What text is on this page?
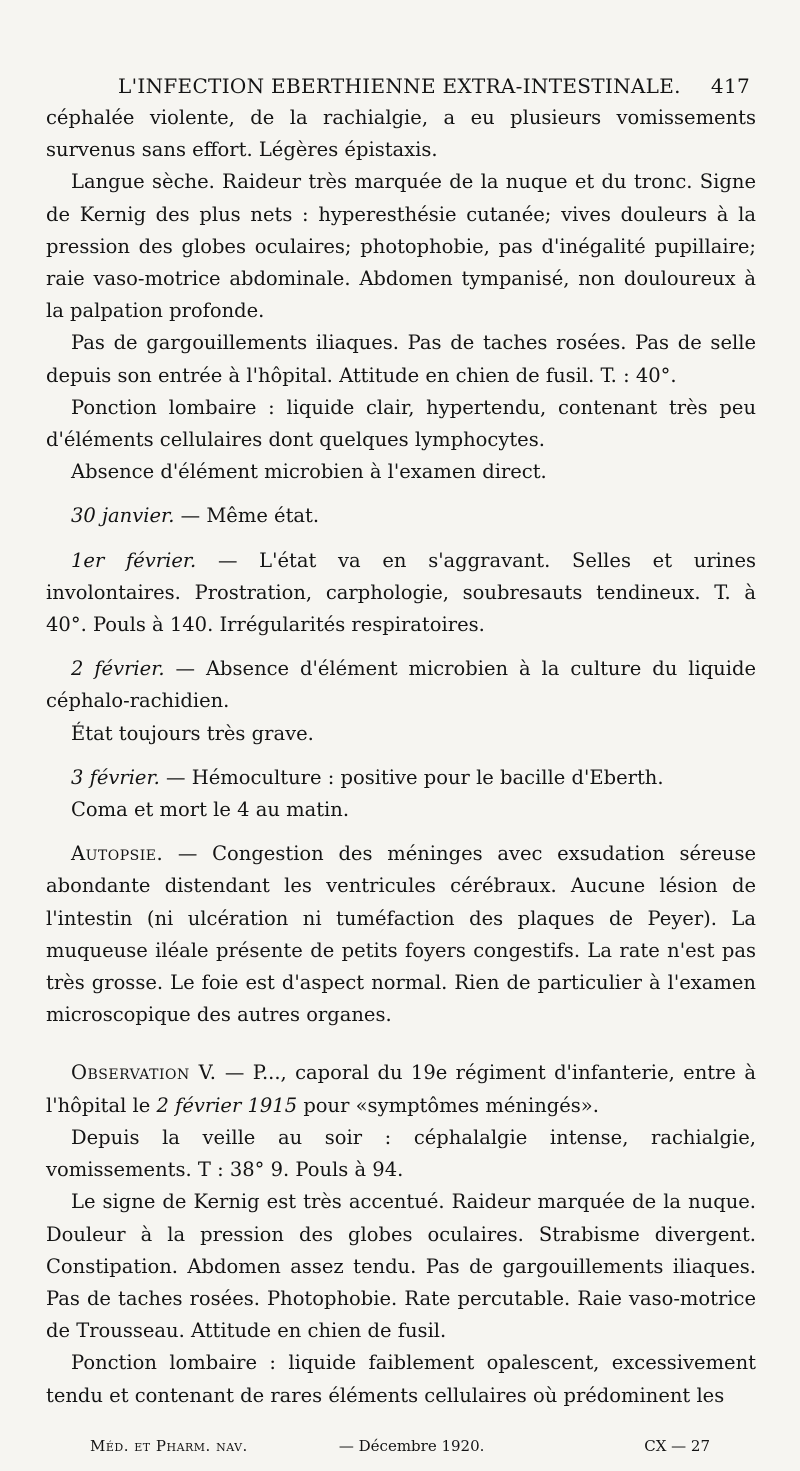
L'INFECTION EBERTHIENNE EXTRA-INTESTINALE. 417

céphalée violente, de la rachialgie, a eu plusieurs vomissements survenus sans effort. Légères épistaxis.

Langue sèche. Raideur très marquée de la nuque et du tronc. Signe de Kernig des plus nets : hyperesthésie cutanée; vives douleurs à la pression des globes oculaires; photophobie, pas d'inégalité pupillaire; raie vaso-motrice abdominale. Abdomen tympanisé, non douloureux à la palpation profonde.

Pas de gargouillements iliaques. Pas de taches rosées. Pas de selle depuis son entrée à l'hôpital. Attitude en chien de fusil. T. : 40°.

Ponction lombaire : liquide clair, hypertendu, contenant très peu d'éléments cellulaires dont quelques lymphocytes.

Absence d'élément microbien à l'examen direct.

30 janvier. — Même état.

1er février. — L'état va en s'aggravant. Selles et urines involontaires. Prostration, carphologie, soubresauts tendineux. T. à 40°. Pouls à 140. Irrégularités respiratoires.

2 février. — Absence d'élément microbien à la culture du liquide céphalo-rachidien.

État toujours très grave.

3 février. — Hémoculture : positive pour le bacille d'Eberth.

Coma et mort le 4 au matin.

Autopsie. — Congestion des méninges avec exsudation séreuse abondante distendant les ventricules cérébraux. Aucune lésion de l'intestin (ni ulcération ni tuméfaction des plaques de Peyer). La muqueuse iléale présente de petits foyers congestifs. La rate n'est pas très grosse. Le foie est d'aspect normal. Rien de particulier à l'examen microscopique des autres organes.

Observation V. — P..., caporal du 19e régiment d'infanterie, entre à l'hôpital le 2 février 1915 pour «symptômes méningés».

Depuis la veille au soir : céphalalgie intense, rachialgie, vomissements. T : 38° 9. Pouls à 94.

Le signe de Kernig est très accentué. Raideur marquée de la nuque. Douleur à la pression des globes oculaires. Strabisme divergent. Constipation. Abdomen assez tendu. Pas de gargouillements iliaques. Pas de taches rosées. Photophobie. Rate percutable. Raie vaso-motrice de Trousseau. Attitude en chien de fusil.

Ponction lombaire : liquide faiblement opalescent, excessivement tendu et contenant de rares éléments cellulaires où prédominent les

Méd. et Pharm. nav.	— Décembre 1920.	CX — 27
